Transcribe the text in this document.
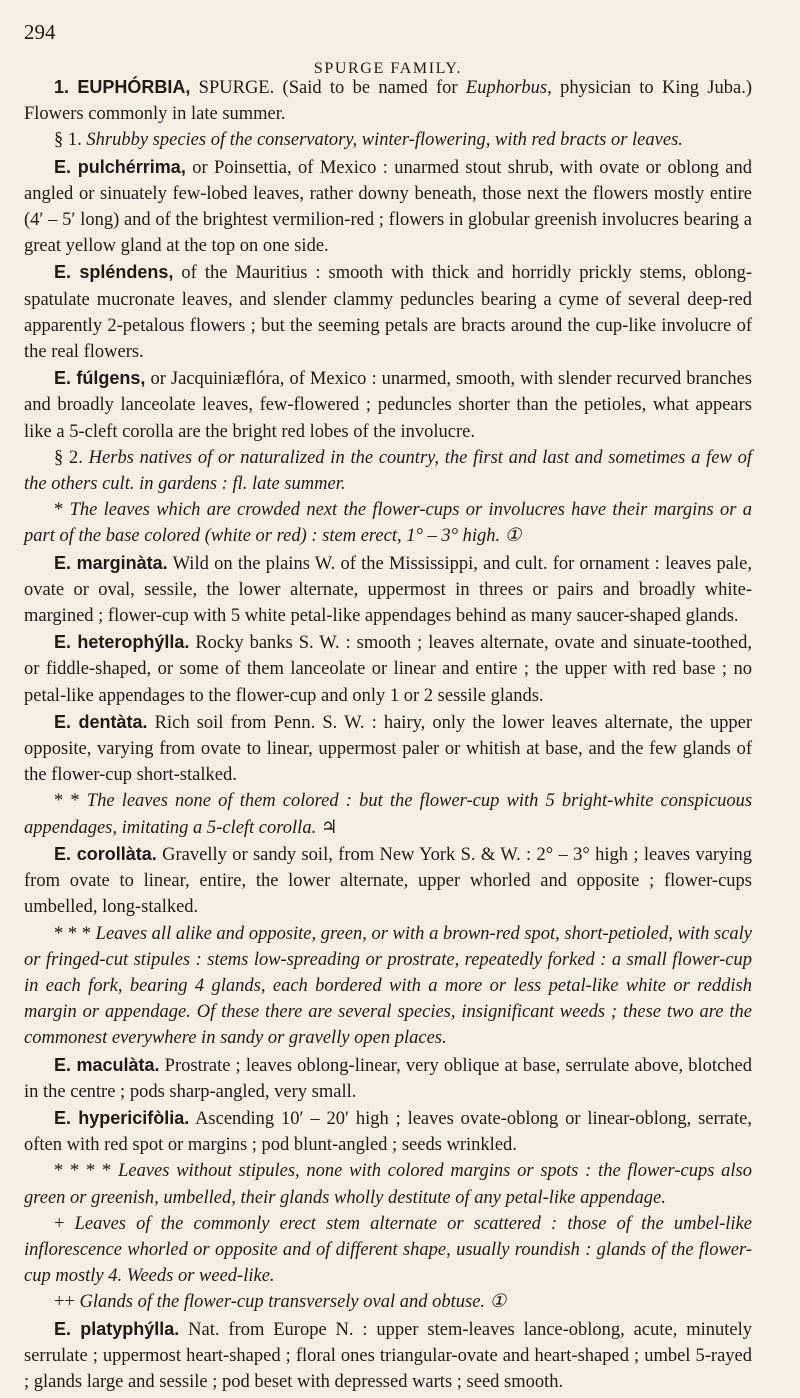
294
SPURGE FAMILY.

1. EUPHÓRBIA, SPURGE. (Said to be named for Euphorbus, physician to King Juba.) Flowers commonly in late summer.

§ 1. Shrubby species of the conservatory, winter-flowering, with red bracts or leaves.

E. pulchérrima, or Poinsettia, of Mexico : unarmed stout shrub, with ovate or oblong and angled or sinuately few-lobed leaves, rather downy beneath, those next the flowers mostly entire (4′ – 5′ long) and of the brightest vermilion-red ; flowers in globular greenish involucres bearing a great yellow gland at the top on one side.

E. spléndens, of the Mauritius : smooth with thick and horridly prickly stems, oblong-spatulate mucronate leaves, and slender clammy peduncles bearing a cyme of several deep-red apparently 2-petalous flowers ; but the seeming petals are bracts around the cup-like involucre of the real flowers.

E. fúlgens, or Jacquiniæflóra, of Mexico : unarmed, smooth, with slender recurved branches and broadly lanceolate leaves, few-flowered ; peduncles shorter than the petioles, what appears like a 5-cleft corolla are the bright red lobes of the involucre.

§ 2. Herbs natives of or naturalized in the country, the first and last and sometimes a few of the others cult. in gardens : fl. late summer.

* The leaves which are crowded next the flower-cups or involucres have their margins or a part of the base colored (white or red) : stem erect, 1° – 3° high. ①

E. marginàta. Wild on the plains W. of the Mississippi, and cult. for ornament : leaves pale, ovate or oval, sessile, the lower alternate, uppermost in threes or pairs and broadly white-margined ; flower-cup with 5 white petal-like appendages behind as many saucer-shaped glands.

E. heterophýlla. Rocky banks S. W. : smooth ; leaves alternate, ovate and sinuate-toothed, or fiddle-shaped, or some of them lanceolate or linear and entire ; the upper with red base ; no petal-like appendages to the flower-cup and only 1 or 2 sessile glands.

E. dentàta. Rich soil from Penn. S. W. : hairy, only the lower leaves alternate, the upper opposite, varying from ovate to linear, uppermost paler or whitish at base, and the few glands of the flower-cup short-stalked.

* * The leaves none of them colored : but the flower-cup with 5 bright-white conspicuous appendages, imitating a 5-cleft corolla. ♃

E. corollàta. Gravelly or sandy soil, from New York S. & W. : 2° – 3° high ; leaves varying from ovate to linear, entire, the lower alternate, upper whorled and opposite ; flower-cups umbelled, long-stalked.

* * * Leaves all alike and opposite, green, or with a brown-red spot, short-petioled, with scaly or fringed-cut stipules : stems low-spreading or prostrate, repeatedly forked : a small flower-cup in each fork, bearing 4 glands, each bordered with a more or less petal-like white or reddish margin or appendage. Of these there are several species, insignificant weeds ; these two are the commonest everywhere in sandy or gravelly open places.

E. maculàta. Prostrate ; leaves oblong-linear, very oblique at base, serrulate above, blotched in the centre ; pods sharp-angled, very small.

E. hypericifòlia. Ascending 10′ – 20′ high ; leaves ovate-oblong or linear-oblong, serrate, often with red spot or margins ; pod blunt-angled ; seeds wrinkled.

* * * * Leaves without stipules, none with colored margins or spots : the flower-cups also green or greenish, umbelled, their glands wholly destitute of any petal-like appendage.

+ Leaves of the commonly erect stem alternate or scattered : those of the umbel-like inflorescence whorled or opposite and of different shape, usually roundish : glands of the flower-cup mostly 4. Weeds or weed-like.

++ Glands of the flower-cup transversely oval and obtuse. ①

E. platyphýlla. Nat. from Europe N. : upper stem-leaves lance-oblong, acute, minutely serrulate ; uppermost heart-shaped ; floral ones triangular-ovate and heart-shaped ; umbel 5-rayed ; glands large and sessile ; pod beset with depressed warts ; seed smooth.
